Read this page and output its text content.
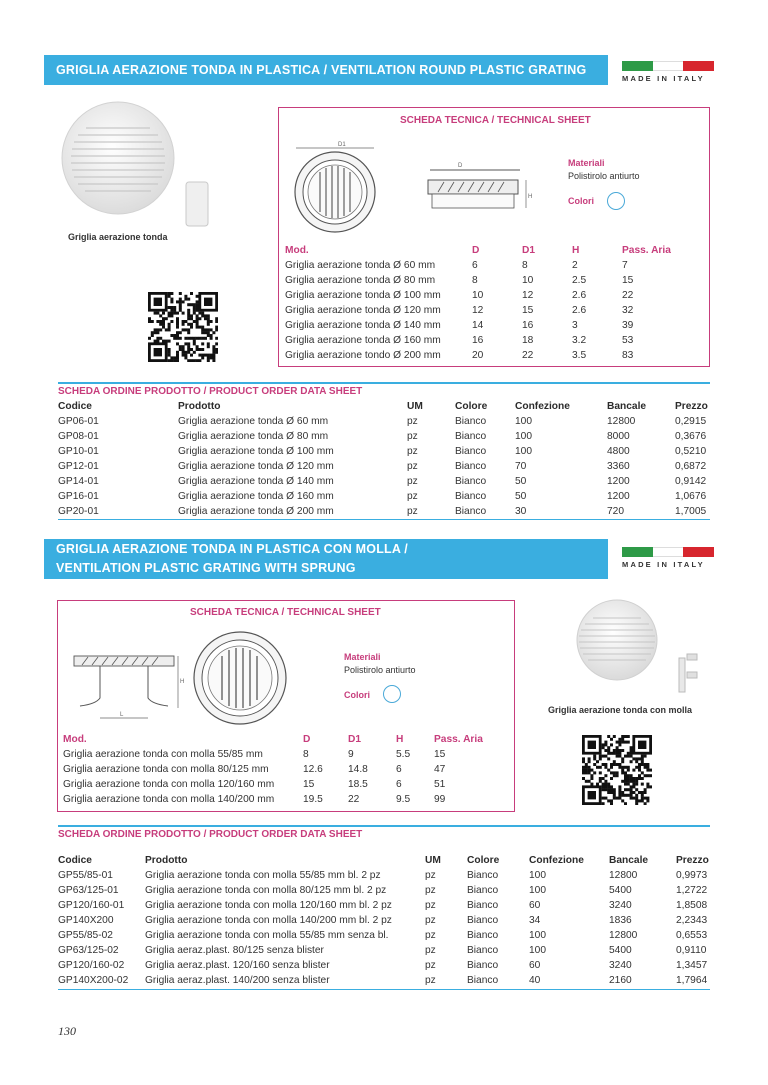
GRIGLIA AERAZIONE TONDA IN PLASTICA / VENTILATION ROUND PLASTIC GRATING
MADE IN ITALY
Griglia aerazione tonda
SCHEDA TECNICA / TECHNICAL SHEET
D1
D
H
Materiali
Polistirolo antiurto
Colori
Mod.	D	D1	H	Pass. Aria
Griglia aerazione tonda Ø 60 mm	6	8	2	7
Griglia aerazione tonda Ø 80 mm	8	10	2.5	15
Griglia aerazione tonda Ø 100 mm	10	12	2.6	22
Griglia aerazione tonda Ø 120 mm	12	15	2.6	32
Griglia aerazione tonda Ø 140 mm	14	16	3	39
Griglia aerazione tonda Ø 160 mm	16	18	3.2	53
Griglia aerazione tondo Ø 200 mm	20	22	3.5	83
SCHEDA ORDINE PRODOTTO / PRODUCT ORDER DATA SHEET
Codice	Prodotto	UM	Colore	Confezione	Bancale	Prezzo
GP06-01	Griglia aerazione tonda Ø 60 mm	pz	Bianco	100	12800	0,2915
GP08-01	Griglia aerazione tonda Ø 80 mm	pz	Bianco	100	8000	0,3676
GP10-01	Griglia aerazione tonda Ø 100 mm	pz	Bianco	100	4800	0,5210
GP12-01	Griglia aerazione tonda Ø 120 mm	pz	Bianco	70	3360	0,6872
GP14-01	Griglia aerazione tonda Ø 140 mm	pz	Bianco	50	1200	0,9142
GP16-01	Griglia aerazione tonda Ø 160 mm	pz	Bianco	50	1200	1,0676
GP20-01	Griglia aerazione tonda Ø 200 mm	pz	Bianco	30	720	1,7005
GRIGLIA AERAZIONE TONDA IN PLASTICA CON MOLLA /
VENTILATION PLASTIC GRATING WITH SPRUNG	MADE IN ITALY
SCHEDA TECNICA / TECHNICAL SHEET
L
H
Materiali
Polistirolo antiurto
Colori
Mod.	D	D1	H	Pass. Aria
Griglia aerazione tonda con molla 55/85 mm	8	9	5.5	15
Griglia aerazione tonda con molla 80/125 mm	12.6	14.8	6	47
Griglia aerazione tonda con molla 120/160 mm	15	18.5	6	51
Griglia aerazione tonda con molla 140/200 mm	19.5	22	9.5	99
Griglia aerazione tonda con molla
SCHEDA ORDINE PRODOTTO / PRODUCT ORDER DATA SHEET
Codice	Prodotto	UM	Colore	Confezione	Bancale	Prezzo
GP55/85-01	Griglia aerazione tonda con molla 55/85 mm bl. 2 pz	pz	Bianco	100	12800	0,9973
GP63/125-01	Griglia aerazione tonda con molla 80/125 mm bl. 2 pz	pz	Bianco	100	5400	1,2722
GP120/160-01	Griglia aerazione tonda con molla 120/160 mm bl. 2 pz	pz	Bianco	60	3240	1,8508
GP140X200	Griglia aerazione tonda con molla 140/200 mm bl. 2 pz	pz	Bianco	34	1836	2,2343
GP55/85-02	Griglia aerazione tonda con molla 55/85 mm senza bl.	pz	Bianco	100	12800	0,6553
GP63/125-02	Griglia aeraz.plast. 80/125 senza blister	pz	Bianco	100	5400	0,9110
GP120/160-02	Griglia aeraz.plast. 120/160 senza blister	pz	Bianco	60	3240	1,3457
GP140X200-02	Griglia aeraz.plast. 140/200 senza blister	pz	Bianco	40	2160	1,7964
130
